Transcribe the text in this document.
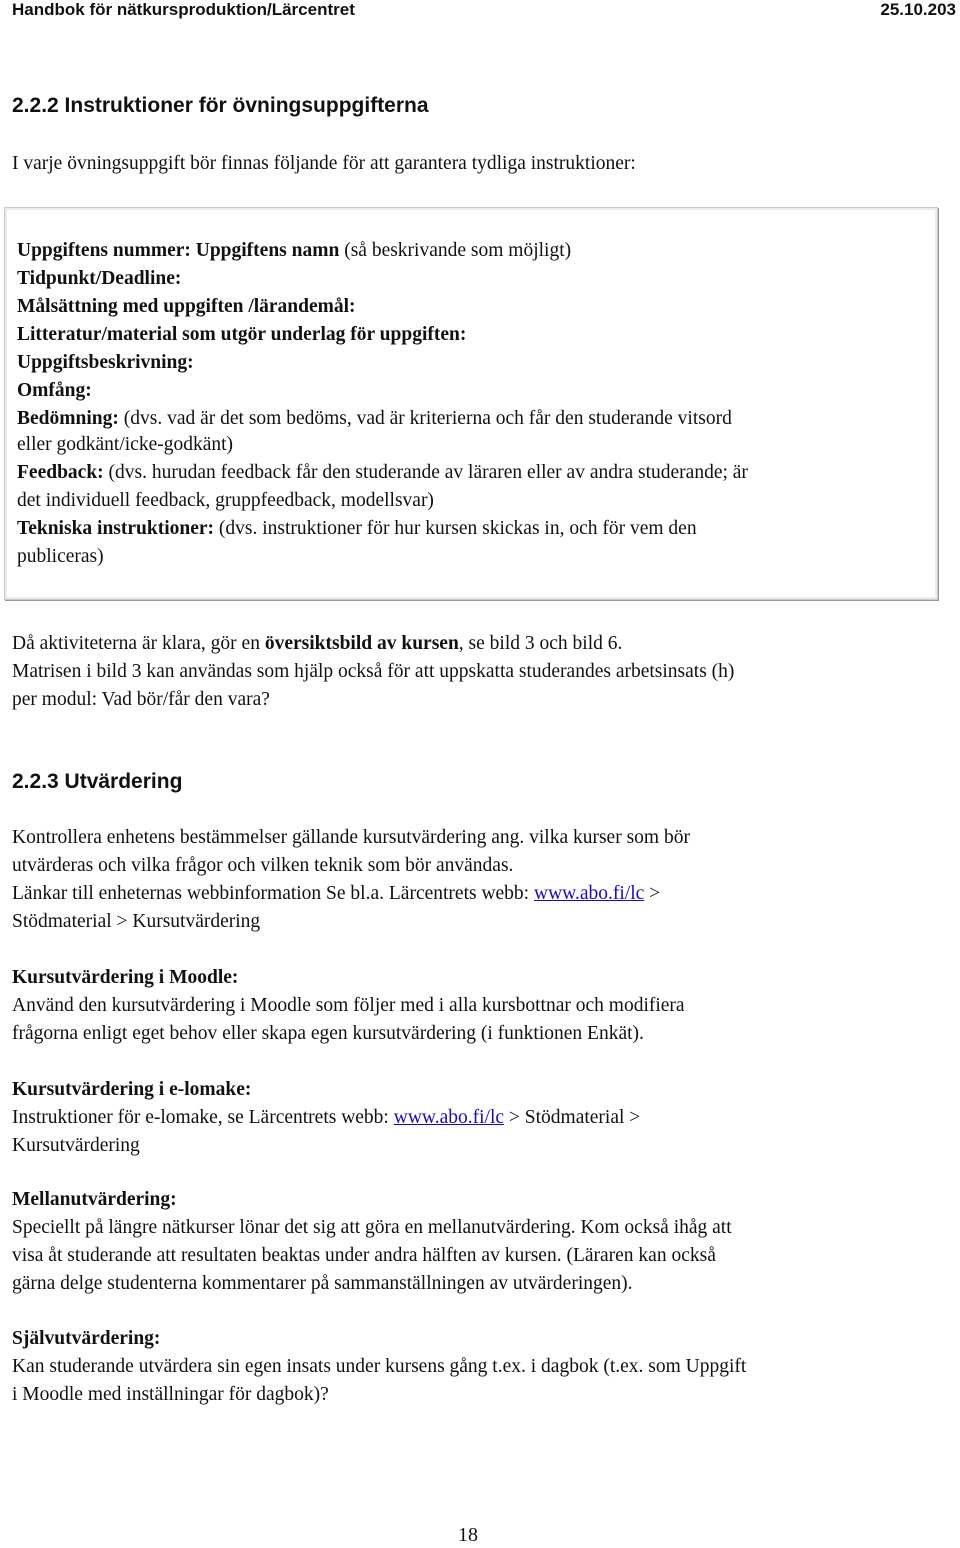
Handbok för nätkursproduktion/Lärcentret	25.10.203
2.2.2 Instruktioner för övningsuppgifterna
I varje övningsuppgift bör finnas följande för att garantera tydliga instruktioner:
Uppgiftens nummer: Uppgiftens namn (så beskrivande som möjligt)
Tidpunkt/Deadline:
Målsättning med uppgiften /lärandemål:
Litteratur/material som utgör underlag för uppgiften:
Uppgiftsbeskrivning:
Omfång:
Bedömning: (dvs. vad är det som bedöms, vad är kriterierna och får den studerande vitsord
eller godkänt/icke-godkänt)
Feedback: (dvs. hurudan feedback får den studerande av läraren eller av andra studerande; är
det individuell feedback, gruppfeedback, modellsvar)
Tekniska instruktioner: (dvs. instruktioner för hur kursen skickas in, och för vem den
publiceras)
Då aktiviteterna är klara, gör en översiktsbild av kursen, se bild 3 och bild 6.
Matrisen i bild 3 kan användas som hjälp också för att uppskatta studerandes arbetsinsats (h)
per modul: Vad bör/får den vara?
2.2.3 Utvärdering
Kontrollera enhetens bestämmelser gällande kursutvärdering ang. vilka kurser som bör
utvärderas och vilka frågor och vilken teknik som bör användas.
Länkar till enheternas webbinformation Se bl.a. Lärcentrets webb: www.abo.fi/lc >
Stödmaterial > Kursutvärdering
Kursutvärdering i Moodle:
Använd den kursutvärdering i Moodle som följer med i alla kursbottnar och modifiera
frågorna enligt eget behov eller skapa egen kursutvärdering (i funktionen Enkät).
Kursutvärdering i e-lomake:
Instruktioner för e-lomake, se Lärcentrets webb: www.abo.fi/lc > Stödmaterial >
Kursutvärdering
Mellanutvärdering:
Speciellt på längre nätkurser lönar det sig att göra en mellanutvärdering. Kom också ihåg att
visa åt studerande att resultaten beaktas under andra hälften av kursen. (Läraren kan också
gärna delge studenterna kommentarer på sammanställningen av utvärderingen).
Självutvärdering:
Kan studerande utvärdera sin egen insats under kursens gång t.ex. i dagbok (t.ex. som Uppgift
i Moodle med inställningar för dagbok)?
18
